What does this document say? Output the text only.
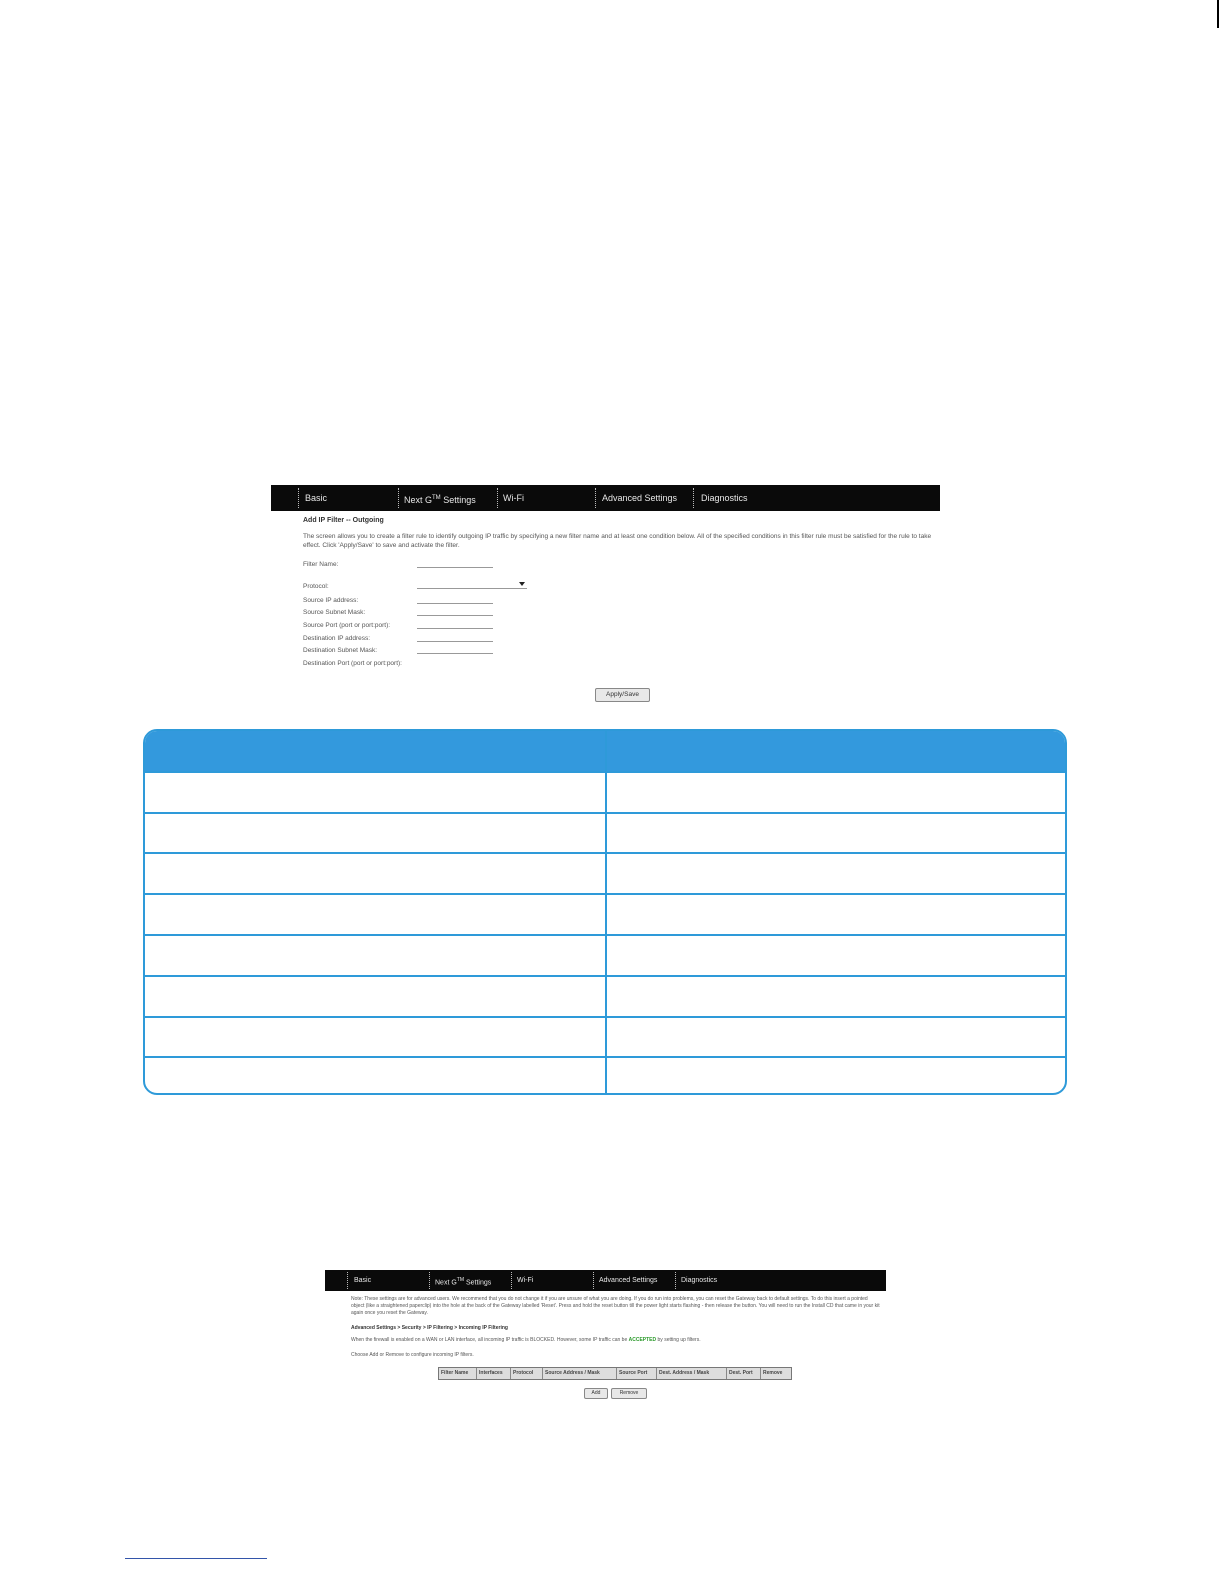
Basic	Next G™ Settings	Wi-Fi	Advanced Settings	Diagnostics
Add IP Filter -- Outgoing
The screen allows you to create a filter rule to identify outgoing IP traffic by specifying a new filter name and at least one condition below. All of the specified conditions in this filter rule must be satisfied for the rule to take effect. Click 'Apply/Save' to save and activate the filter.
Filter Name:
Protocol:
Source IP address:
Source Subnet Mask:
Source Port (port or port:port):
Destination IP address:
Destination Subnet Mask:
Destination Port (port or port:port):
Apply/Save
Basic	Next G™ Settings	Wi-Fi	Advanced Settings	Diagnostics
Note: These settings are for advanced users. We recommend that you do not change it if you are unsure of what you are doing. If you do run into problems, you can reset the Gateway back to default settings. To do this insert a pointed object (like a straightened paperclip) into the hole at the back of the Gateway labelled 'Reset'. Press and hold the reset button till the power light starts flashing - then release the button. You will need to run the Install CD that came in your kit again once you reset the Gateway.
Advanced Settings > Security > IP Filtering > Incoming IP Filtering
When the firewall is enabled on a WAN or LAN interface, all incoming IP traffic is BLOCKED. However, some IP traffic can be ACCEPTED by setting up filters.
Choose Add or Remove to configure incoming IP filters.
Filter Name	Interfaces	Protocol	Source Address / Mask	Source Port	Dest. Address / Mask	Dest. Port	Remove
Add	Remove
